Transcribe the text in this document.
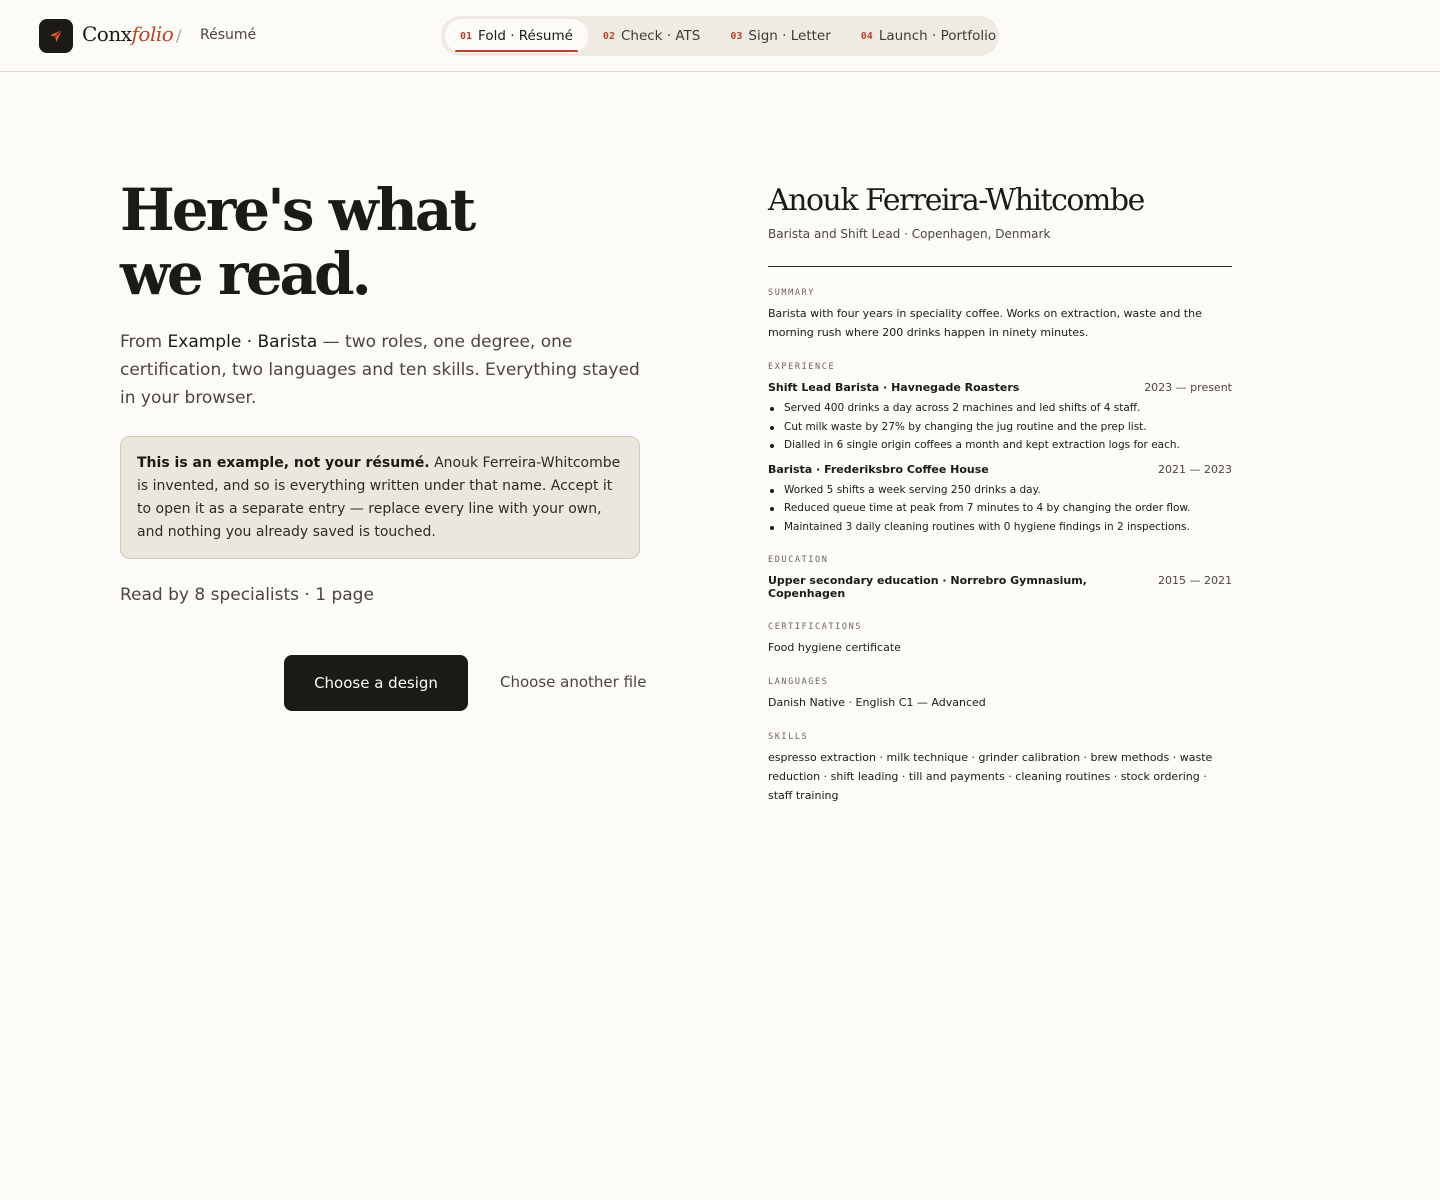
Conxfolio / Résumé	01 Fold · Résumé	02 Check · ATS	03 Sign · Letter	04 Launch · Portfolio
Here's what
we read.

From Example · Barista — two roles, one degree, one certification, two languages and ten skills. Everything stayed in your browser.

This is an example, not your résumé. Anouk Ferreira-Whitcombe is invented, and so is everything written under that name. Accept it to open it as a separate entry — replace every line with your own, and nothing you already saved is touched.
Read by 8 specialists · 1 page
Choose a design	Choose another file
Anouk Ferreira-Whitcombe
Barista and Shift Lead · Copenhagen, Denmark
SUMMARY
Barista with four years in speciality coffee. Works on extraction, waste and the morning rush where 200 drinks happen in ninety minutes.
EXPERIENCE
Shift Lead Barista · Havnegade Roasters	2023 — present
Served 400 drinks a day across 2 machines and led shifts of 4 staff.
Cut milk waste by 27% by changing the jug routine and the prep list.
Dialled in 6 single origin coffees a month and kept extraction logs for each.
Barista · Frederiksbro Coffee House	2021 — 2023
Worked 5 shifts a week serving 250 drinks a day.
Reduced queue time at peak from 7 minutes to 4 by changing the order flow.
Maintained 3 daily cleaning routines with 0 hygiene findings in 2 inspections.
EDUCATION
Upper secondary education · Norrebro Gymnasium, Copenhagen
2015 — 2021
CERTIFICATIONS
Food hygiene certificate
LANGUAGES
Danish Native · English C1 — Advanced
SKILLS
espresso extraction · milk technique · grinder calibration · brew methods · waste reduction · shift leading · till and payments · cleaning routines · stock ordering · staff training
